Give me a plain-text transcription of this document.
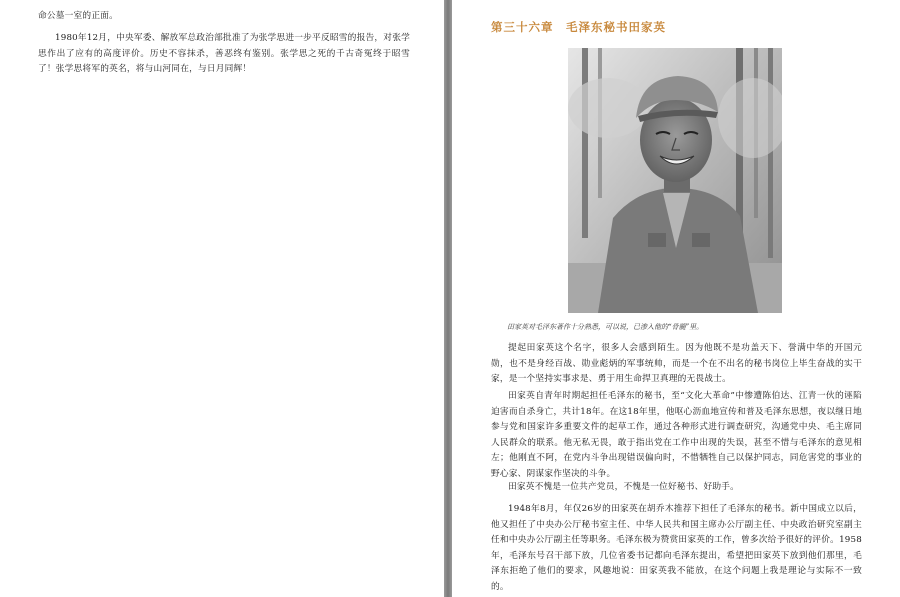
命公墓一室的正面。

1980年12月，中央军委、解放军总政治部批准了为张学思进一步平反昭雪的报告，对张学思作出了应有的高度评价。历史不容抹杀，善恶终有鉴别。张学思之死的千古奇冤终于昭雪了！张学思将军的英名，将与山河同在，与日月同辉！

第三十六章　毛泽东秘书田家英

田家英对毛泽东著作十分熟悉，可以说，已渗入他的“骨髓”里。

提起田家英这个名字，很多人会感到陌生。因为他既不是功盖天下、誉满中华的开国元勋，也不是身经百战、勋业彪炳的军事统帅，而是一个在不出名的秘书岗位上毕生奋战的实干家，是一个坚持实事求是、勇于用生命捍卫真理的无畏战士。

田家英自青年时期起担任毛泽东的秘书，至“文化大革命”中惨遭陈伯达、江青一伙的诬陷迫害而自杀身亡，共计18年。在这18年里，他呕心沥血地宣传和普及毛泽东思想，夜以继日地参与党和国家许多重要文件的起草工作，通过各种形式进行调查研究，沟通党中央、毛主席同人民群众的联系。他无私无畏，敢于指出党在工作中出现的失误，甚至不惜与毛泽东的意见相左；他刚直不阿，在党内斗争出现错误偏向时，不惜牺牲自己以保护同志，同危害党的事业的野心家、阴谋家作坚决的斗争。

田家英不愧是一位共产党员，不愧是一位好秘书、好助手。

1948年8月，年仅26岁的田家英在胡乔木推荐下担任了毛泽东的秘书。新中国成立以后，他又担任了中央办公厅秘书室主任、中华人民共和国主席办公厅副主任、中央政治研究室副主任和中央办公厅副主任等职务。毛泽东极为赞赏田家英的工作，曾多次给予很好的评价。1958年，毛泽东号召干部下放，几位省委书记都向毛泽东提出，希望把田家英下放到他们那里，毛泽东拒绝了他们的要求，风趣地说：田家英我不能放，在这个问题上我是理论与实际不一致的。
